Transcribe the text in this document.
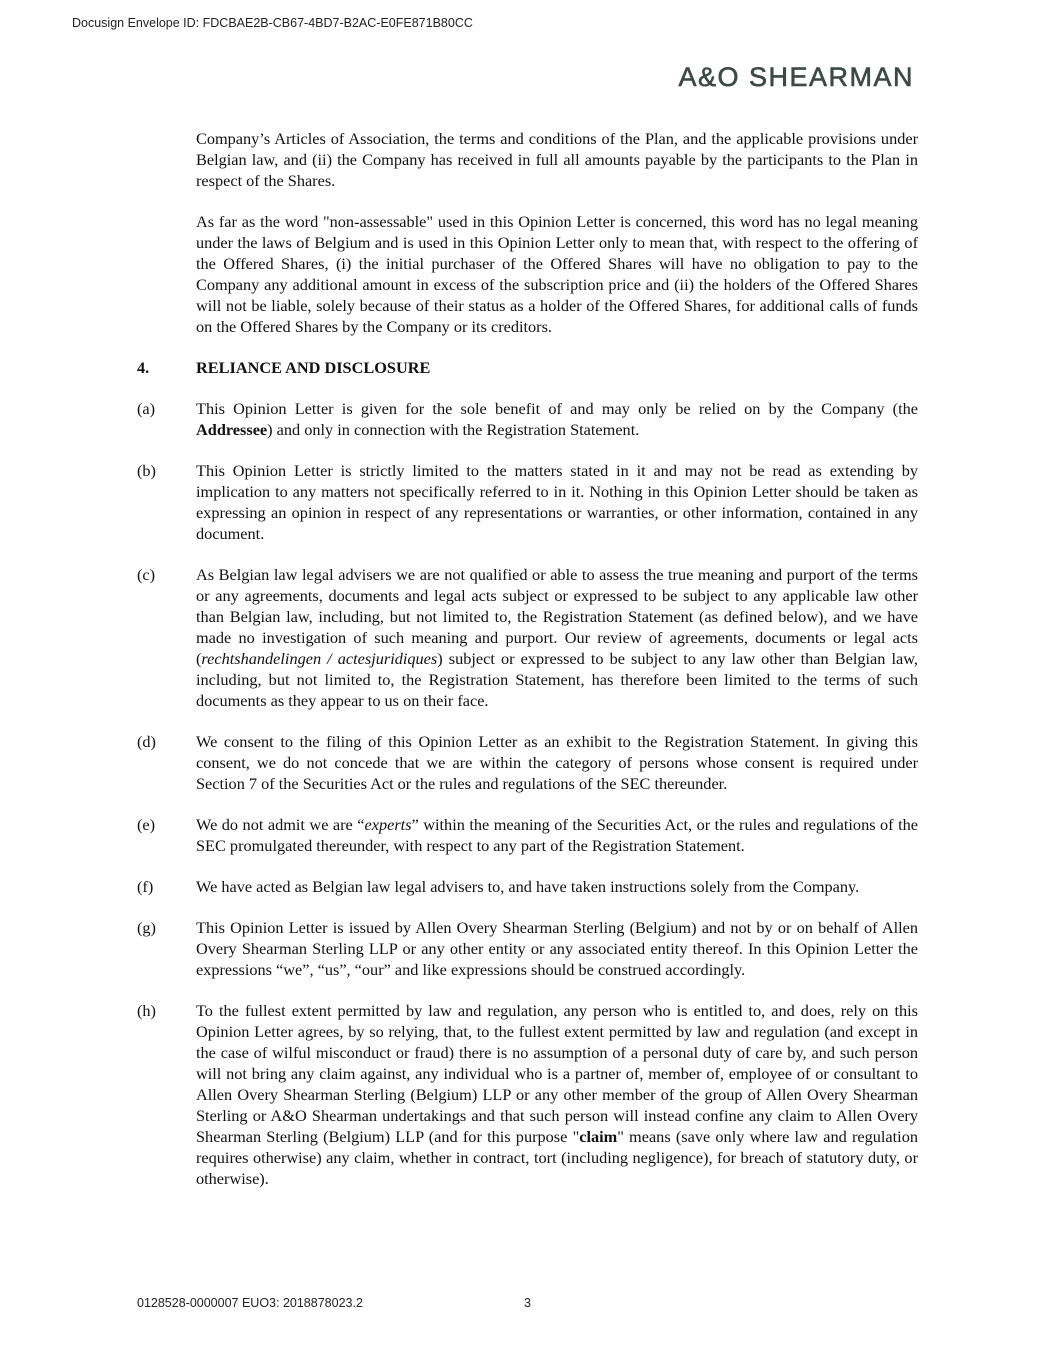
Docusign Envelope ID: FDCBAE2B-CB67-4BD7-B2AC-E0FE871B80CC
A&O SHEARMAN

Company’s Articles of Association, the terms and conditions of the Plan, and the applicable provisions under Belgian law, and (ii) the Company has received in full all amounts payable by the participants to the Plan in respect of the Shares.

As far as the word "non-assessable" used in this Opinion Letter is concerned, this word has no legal meaning under the laws of Belgium and is used in this Opinion Letter only to mean that, with respect to the offering of the Offered Shares, (i) the initial purchaser of the Offered Shares will have no obligation to pay to the Company any additional amount in excess of the subscription price and (ii) the holders of the Offered Shares will not be liable, solely because of their status as a holder of the Offered Shares, for additional calls of funds on the Offered Shares by the Company or its creditors.

4.	RELIANCE AND DISCLOSURE
(a)	This Opinion Letter is given for the sole benefit of and may only be relied on by the Company (the Addressee) and only in connection with the Registration Statement.
(b)	This Opinion Letter is strictly limited to the matters stated in it and may not be read as extending by implication to any matters not specifically referred to in it. Nothing in this Opinion Letter should be taken as expressing an opinion in respect of any representations or warranties, or other information, contained in any document.
(c)	As Belgian law legal advisers we are not qualified or able to assess the true meaning and purport of the terms or any agreements, documents and legal acts subject or expressed to be subject to any applicable law other than Belgian law, including, but not limited to, the Registration Statement (as defined below), and we have made no investigation of such meaning and purport. Our review of agreements, documents or legal acts (rechtshandelingen / actesjuridiques) subject or expressed to be subject to any law other than Belgian law, including, but not limited to, the Registration Statement, has therefore been limited to the terms of such documents as they appear to us on their face.
(d)	We consent to the filing of this Opinion Letter as an exhibit to the Registration Statement. In giving this consent, we do not concede that we are within the category of persons whose consent is required under Section 7 of the Securities Act or the rules and regulations of the SEC thereunder.
(e)	We do not admit we are “experts” within the meaning of the Securities Act, or the rules and regulations of the SEC promulgated thereunder, with respect to any part of the Registration Statement.
(f)	We have acted as Belgian law legal advisers to, and have taken instructions solely from the Company.
(g)	This Opinion Letter is issued by Allen Overy Shearman Sterling (Belgium) and not by or on behalf of Allen Overy Shearman Sterling LLP or any other entity or any associated entity thereof. In this Opinion Letter the expressions “we”, “us”, “our” and like expressions should be construed accordingly.
(h)	To the fullest extent permitted by law and regulation, any person who is entitled to, and does, rely on this Opinion Letter agrees, by so relying, that, to the fullest extent permitted by law and regulation (and except in the case of wilful misconduct or fraud) there is no assumption of a personal duty of care by, and such person will not bring any claim against, any individual who is a partner of, member of, employee of or consultant to Allen Overy Shearman Sterling (Belgium) LLP or any other member of the group of Allen Overy Shearman Sterling or A&O Shearman undertakings and that such person will instead confine any claim to Allen Overy Shearman Sterling (Belgium) LLP (and for this purpose "claim" means (save only where law and regulation requires otherwise) any claim, whether in contract, tort (including negligence), for breach of statutory duty, or otherwise).
0128528-0000007 EUO3: 2018878023.2	3
